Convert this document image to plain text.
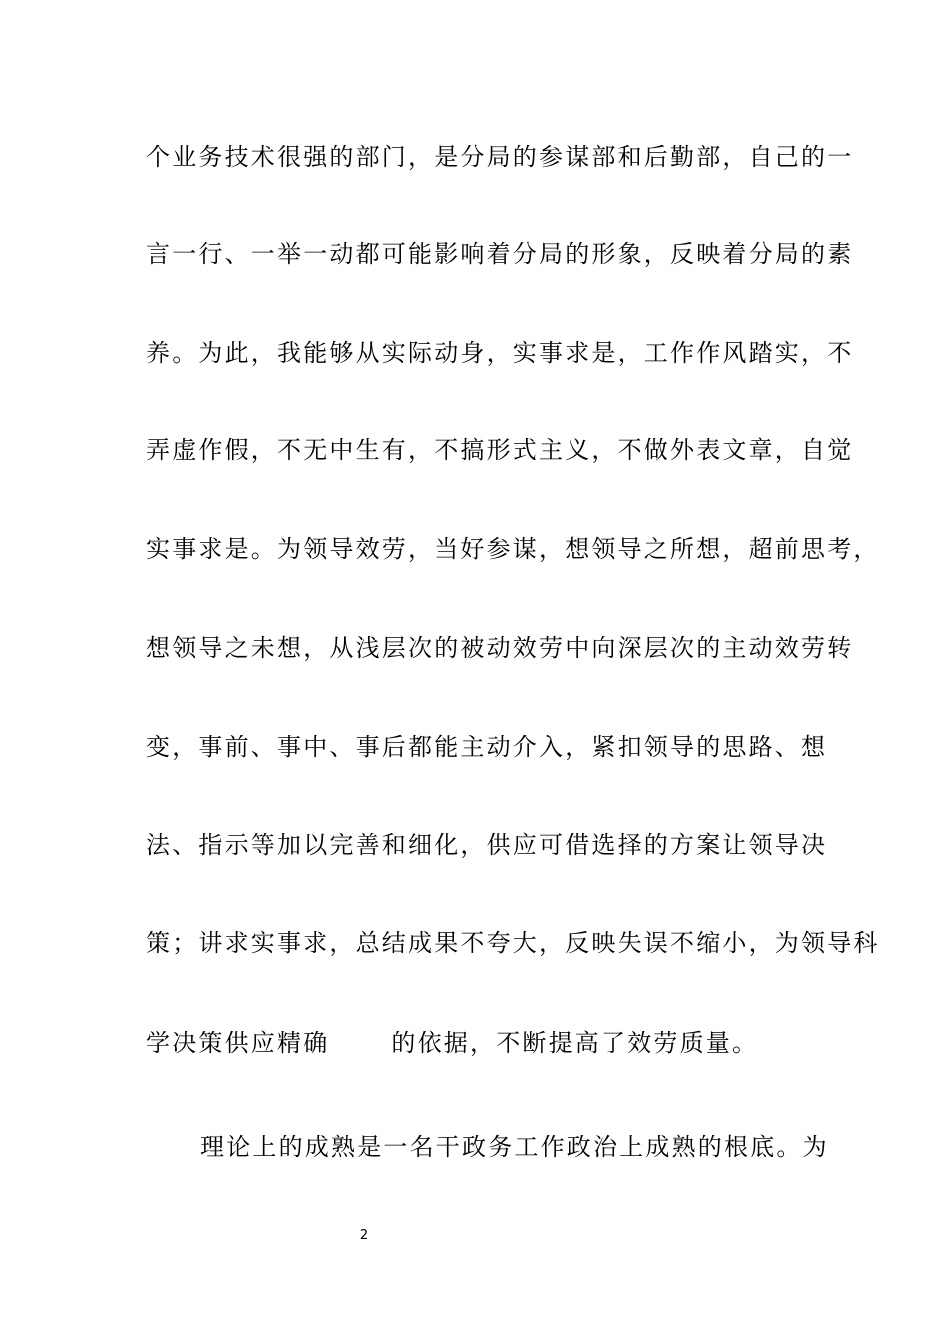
个业务技术很强的部门，是分局的参谋部和后勤部，自己的一
言一行、一举一动都可能影响着分局的形象，反映着分局的素
养。为此，我能够从实际动身，实事求是，工作作风踏实，不
弄虚作假，不无中生有，不搞形式主义，不做外表文章，自觉
实事求是。为领导效劳，当好参谋，想领导之所想，超前思考，
想领导之未想，从浅层次的被动效劳中向深层次的主动效劳转
变，事前、事中、事后都能主动介入，紧扣领导的思路、想
法、指示等加以完善和细化，供应可借选择的方案让领导决
策；讲求实事求，总结成果不夸大，反映失误不缩小，为领导科
学决策供应精确	的依据，不断提高了效劳质量。
理论上的成熟是一名干政务工作政治上成熟的根底。为
2
